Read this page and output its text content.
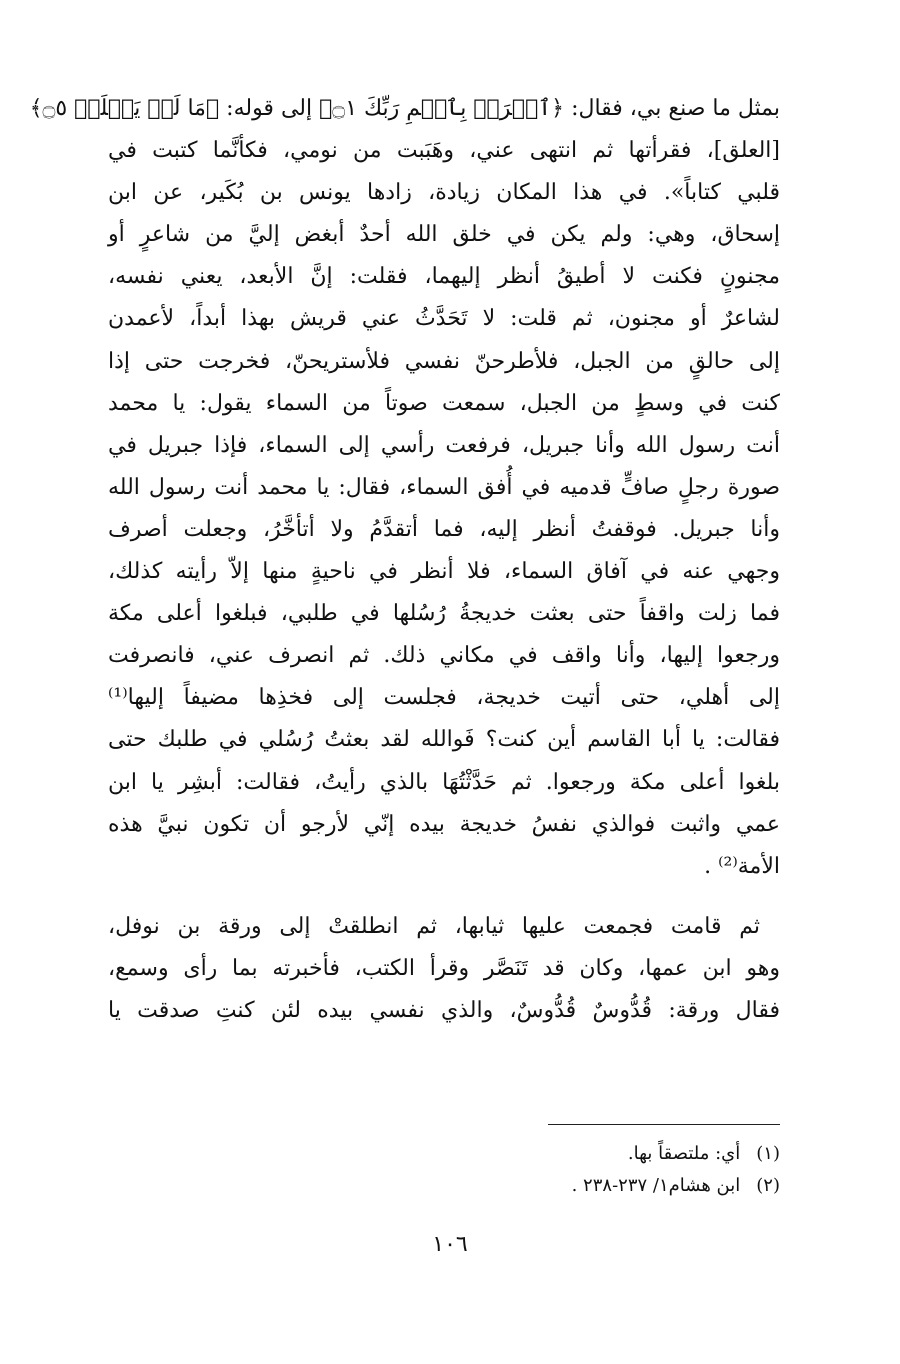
بمثل ما صنع بي، فقال: ﴿ٱقۡرَأۡ بِٱسۡمِ رَبِّكَ ۝١﴾ إلى قوله: ﴿مَا لَمۡ يَعۡلَمۡ ۝٥﴾
[العلق]، فقرأتها ثم انتهى عني، وهَبَبت من نومي، فكأنَّما كتبت في
قلبي كتاباً». في هذا المكان زيادة، زادها يونس بن بُكَير، عن ابن
إسحاق، وهي: ولم يكن في خلق الله أحدٌ أبغض إليَّ من شاعرٍ أو
مجنونٍ فكنت لا أطيقُ أنظر إليهما، فقلت: إنَّ الأبعد، يعني نفسه،
لشاعرٌ أو مجنون، ثم قلت: لا تَحَدَّثُ عني قريش بهذا أبداً، لأعمدن
إلى حالقٍ من الجبل، فلأطرحنّ نفسي فلأستريحنّ، فخرجت حتى إذا
كنت في وسطٍ من الجبل، سمعت صوتاً من السماء يقول: يا محمد
أنت رسول الله وأنا جبريل، فرفعت رأسي إلى السماء، فإذا جبريل في
صورة رجلٍ صافٍّ قدميه في أُفق السماء، فقال: يا محمد أنت رسول الله
وأنا جبريل. فوقفتُ أنظر إليه، فما أتقدَّمُ ولا أتأخَّرُ، وجعلت أصرف
وجهي عنه في آفاق السماء، فلا أنظر في ناحيةٍ منها إلاّ رأيته كذلك،
فما زلت واقفاً حتى بعثت خديجةُ رُسُلها في طلبي، فبلغوا أعلى مكة
ورجعوا إليها، وأنا واقف في مكاني ذلك. ثم انصرف عني، فانصرفت
إلى أهلي، حتى أتيت خديجة، فجلست إلى فخذِها مضيفاً إليها⁽¹⁾
فقالت: يا أبا القاسم أين كنت؟ فَوالله لقد بعثتُ رُسُلي في طلبك حتى
بلغوا أعلى مكة ورجعوا. ثم حَدَّثْتُهَا بالذي رأيتُ، فقالت: أبشِر يا ابن
عمي واثبت فوالذي نفسُ خديجة بيده إنّي لأرجو أن تكون نبيَّ هذه
الأمة⁽²⁾ .

ثم قامت فجمعت عليها ثيابها، ثم انطلقتْ إلى ورقة بن نوفل،
وهو ابن عمها، وكان قد تَنَصَّر وقرأ الكتب، فأخبرته بما رأى وسمع،
فقال ورقة: قُدُّوسٌ قُدُّوسٌ، والذي نفسي بيده لئن كنتِ صدقت يا

(١) أي: ملتصقاً بها.
(٢) ابن هشام١/ ٢٣٧-٢٣٨ .
١٠٦
